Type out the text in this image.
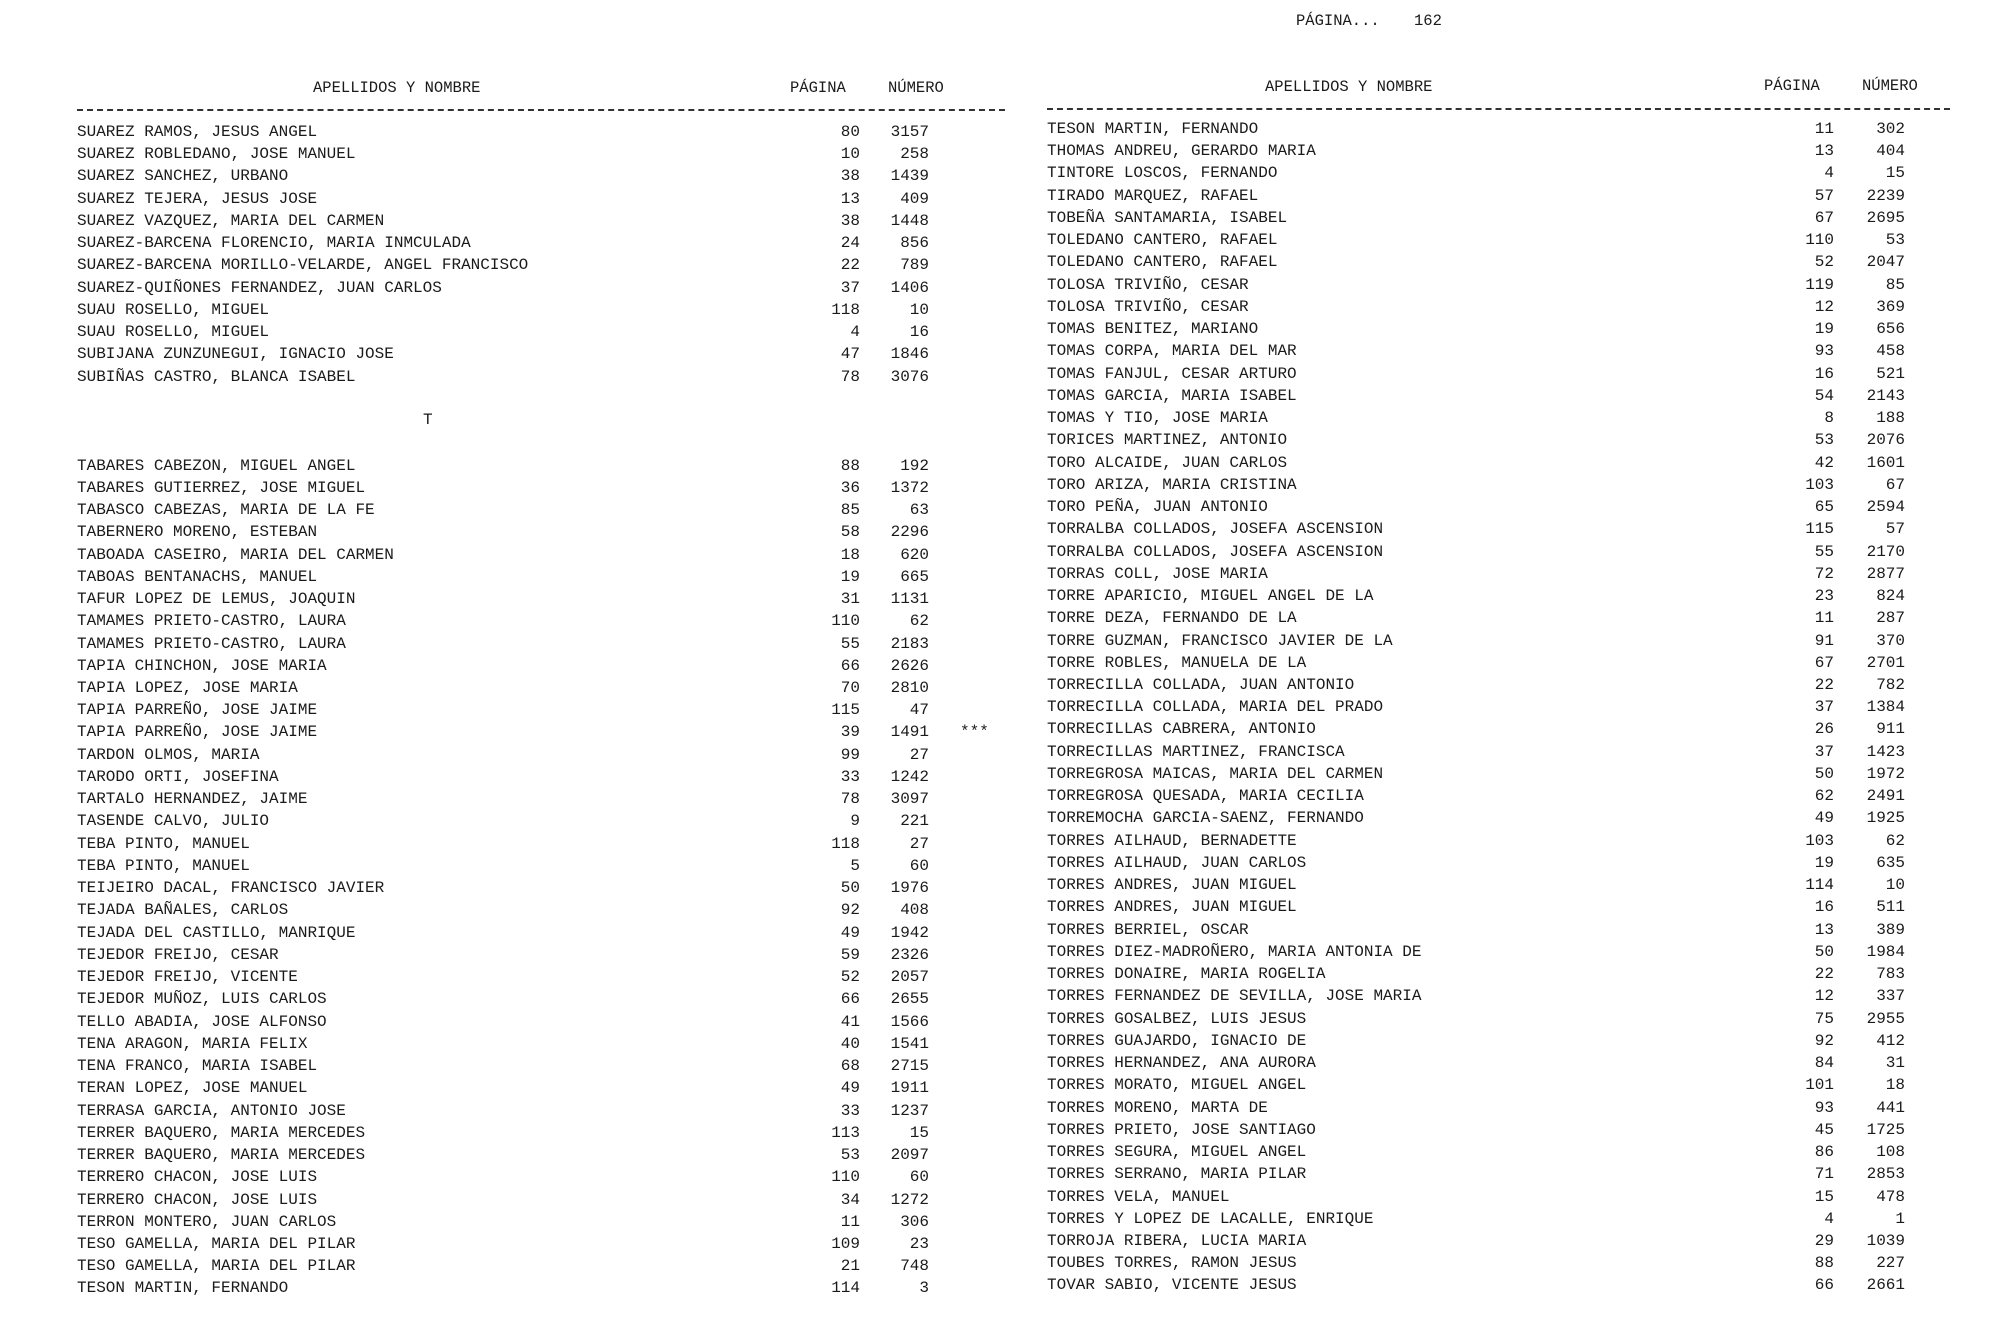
PÁGINA... 162
APELLIDOS Y NOMBRE	PÁGINA	NÚMERO	APELLIDOS Y NOMBRE	PÁGINA	NÚMERO
T
SUAREZ RAMOS, JESUS ANGEL	80	3157
SUAREZ ROBLEDANO, JOSE MANUEL	10	258
SUAREZ SANCHEZ, URBANO	38	1439
SUAREZ TEJERA, JESUS JOSE	13	409
SUAREZ VAZQUEZ, MARIA DEL CARMEN	38	1448
SUAREZ-BARCENA FLORENCIO, MARIA INMCULADA	24	856
SUAREZ-BARCENA MORILLO-VELARDE, ANGEL FRANCISCO	22	789
SUAREZ-QUIÑONES FERNANDEZ, JUAN CARLOS	37	1406
SUAU ROSELLO, MIGUEL	118	10
SUAU ROSELLO, MIGUEL	4	16
SUBIJANA ZUNZUNEGUI, IGNACIO JOSE	47	1846
SUBIÑAS CASTRO, BLANCA ISABEL	78	3076
TABARES CABEZON, MIGUEL ANGEL	88	192
TABARES GUTIERREZ, JOSE MIGUEL	36	1372
TABASCO CABEZAS, MARIA DE LA FE	85	63
TABERNERO MORENO, ESTEBAN	58	2296
TABOADA CASEIRO, MARIA DEL CARMEN	18	620
TABOAS BENTANACHS, MANUEL	19	665
TAFUR LOPEZ DE LEMUS, JOAQUIN	31	1131
TAMAMES PRIETO-CASTRO, LAURA	110	62
TAMAMES PRIETO-CASTRO, LAURA	55	2183
TAPIA CHINCHON, JOSE MARIA	66	2626
TAPIA LOPEZ, JOSE MARIA	70	2810
TAPIA PARREÑO, JOSE JAIME	115	47
TAPIA PARREÑO, JOSE JAIME	39	1491 ***
TARDON OLMOS, MARIA	99	27
TARODO ORTI, JOSEFINA	33	1242
TARTALO HERNANDEZ, JAIME	78	3097
TASENDE CALVO, JULIO	9	221
TEBA PINTO, MANUEL	118	27
TEBA PINTO, MANUEL	5	60
TEIJEIRO DACAL, FRANCISCO JAVIER	50	1976
TEJADA BAÑALES, CARLOS	92	408
TEJADA DEL CASTILLO, MANRIQUE	49	1942
TEJEDOR FREIJO, CESAR	59	2326
TEJEDOR FREIJO, VICENTE	52	2057
TEJEDOR MUÑOZ, LUIS CARLOS	66	2655
TELLO ABADIA, JOSE ALFONSO	41	1566
TENA ARAGON, MARIA FELIX	40	1541
TENA FRANCO, MARIA ISABEL	68	2715
TERAN LOPEZ, JOSE MANUEL	49	1911
TERRASA GARCIA, ANTONIO JOSE	33	1237
TERRER BAQUERO, MARIA MERCEDES	113	15
TERRER BAQUERO, MARIA MERCEDES	53	2097
TERRERO CHACON, JOSE LUIS	110	60
TERRERO CHACON, JOSE LUIS	34	1272
TERRON MONTERO, JUAN CARLOS	11	306
TESO GAMELLA, MARIA DEL PILAR	109	23
TESO GAMELLA, MARIA DEL PILAR	21	748
TESON MARTIN, FERNANDO	114	3
TESON MARTIN, FERNANDO	11	302
THOMAS ANDREU, GERARDO MARIA	13	404
TINTORE LOSCOS, FERNANDO	4	15
TIRADO MARQUEZ, RAFAEL	57	2239
TOBEÑA SANTAMARIA, ISABEL	67	2695
TOLEDANO CANTERO, RAFAEL	110	53
TOLEDANO CANTERO, RAFAEL	52	2047
TOLOSA TRIVIÑO, CESAR	119	85
TOLOSA TRIVIÑO, CESAR	12	369
TOMAS BENITEZ, MARIANO	19	656
TOMAS CORPA, MARIA DEL MAR	93	458
TOMAS FANJUL, CESAR ARTURO	16	521
TOMAS GARCIA, MARIA ISABEL	54	2143
TOMAS Y TIO, JOSE MARIA	8	188
TORICES MARTINEZ, ANTONIO	53	2076
TORO ALCAIDE, JUAN CARLOS	42	1601
TORO ARIZA, MARIA CRISTINA	103	67
TORO PEÑA, JUAN ANTONIO	65	2594
TORRALBA COLLADOS, JOSEFA ASCENSION	115	57
TORRALBA COLLADOS, JOSEFA ASCENSION	55	2170
TORRAS COLL, JOSE MARIA	72	2877
TORRE APARICIO, MIGUEL ANGEL DE LA	23	824
TORRE DEZA, FERNANDO DE LA	11	287
TORRE GUZMAN, FRANCISCO JAVIER DE LA	91	370
TORRE ROBLES, MANUELA DE LA	67	2701
TORRECILLA COLLADA, JUAN ANTONIO	22	782
TORRECILLA COLLADA, MARIA DEL PRADO	37	1384
TORRECILLAS CABRERA, ANTONIO	26	911
TORRECILLAS MARTINEZ, FRANCISCA	37	1423
TORREGROSA MAICAS, MARIA DEL CARMEN	50	1972
TORREGROSA QUESADA, MARIA CECILIA	62	2491
TORREMOCHA GARCIA-SAENZ, FERNANDO	49	1925
TORRES AILHAUD, BERNADETTE	103	62
TORRES AILHAUD, JUAN CARLOS	19	635
TORRES ANDRES, JUAN MIGUEL	114	10
TORRES ANDRES, JUAN MIGUEL	16	511
TORRES BERRIEL, OSCAR	13	389
TORRES DIEZ-MADROÑERO, MARIA ANTONIA DE	50	1984
TORRES DONAIRE, MARIA ROGELIA	22	783
TORRES FERNANDEZ DE SEVILLA, JOSE MARIA	12	337
TORRES GOSALBEZ, LUIS JESUS	75	2955
TORRES GUAJARDO, IGNACIO DE	92	412
TORRES HERNANDEZ, ANA AURORA	84	31
TORRES MORATO, MIGUEL ANGEL	101	18
TORRES MORENO, MARTA DE	93	441
TORRES PRIETO, JOSE SANTIAGO	45	1725
TORRES SEGURA, MIGUEL ANGEL	86	108
TORRES SERRANO, MARIA PILAR	71	2853
TORRES VELA, MANUEL	15	478
TORRES Y LOPEZ DE LACALLE, ENRIQUE	4	1
TORROJA RIBERA, LUCIA MARIA	29	1039
TOUBES TORRES, RAMON JESUS	88	227
TOVAR SABIO, VICENTE JESUS	66	2661
